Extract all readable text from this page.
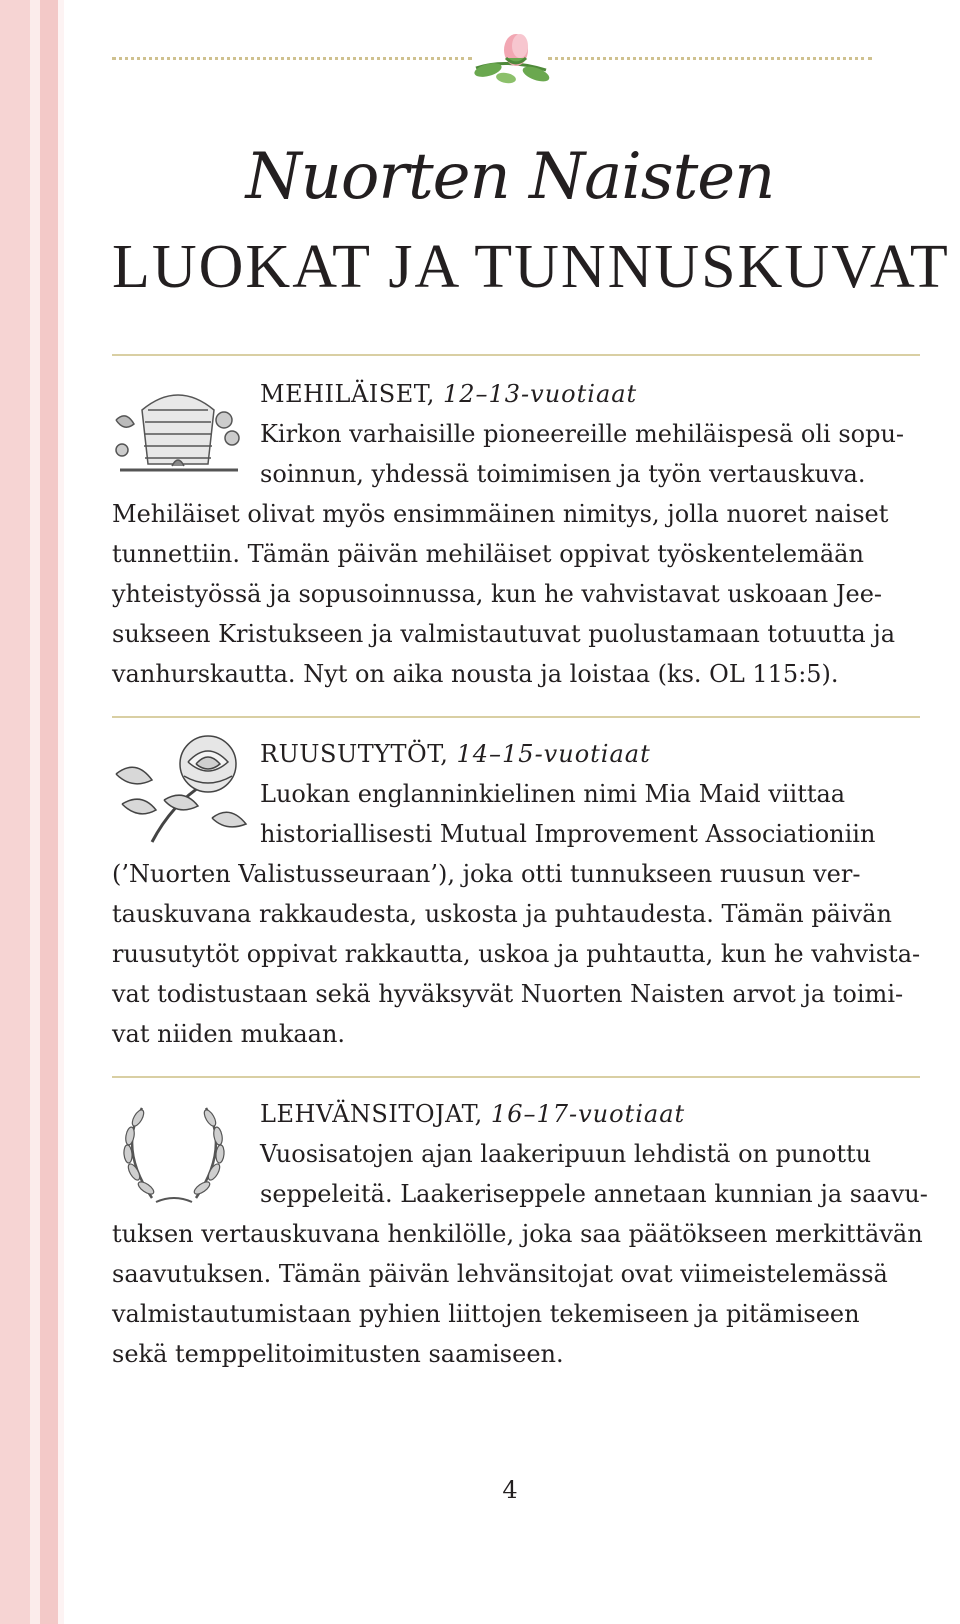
Nuorten Naisten
LUOKAT JA TUNNUSKUVAT
MEHILÄISET, 12–13-vuotiaat
Kirkon varhaisille pioneereille mehiläispesä oli sopu-
soinnun, yhdessä toimimisen ja työn vertauskuva.
Mehiläiset olivat myös ensimmäinen nimitys, jolla nuoret naiset
tunnettiin. Tämän päivän mehiläiset oppivat työskentelemään
yhteistyössä ja sopusoinnussa, kun he vahvistavat uskoaan Jee-
sukseen Kristukseen ja valmistautuvat puolustamaan totuutta ja
vanhurskautta. Nyt on aika nousta ja loistaa (ks. OL 115:5).
RUUSUTYTÖT, 14–15-vuotiaat
Luokan englanninkielinen nimi Mia Maid viittaa
historiallisesti Mutual Improvement Associationiin
(’Nuorten Valistusseuraan’), joka otti tunnukseen ruusun ver-
tauskuvana rakkaudesta, uskosta ja puhtaudesta. Tämän päivän
ruusutytöt oppivat rakkautta, uskoa ja puhtautta, kun he vahvista-
vat todistustaan sekä hyväksyvät Nuorten Naisten arvot ja toimi-
vat niiden mukaan.
LEHVÄNSITOJAT, 16–17-vuotiaat
Vuosisatojen ajan laakeripuun lehdistä on punottu
seppeleitä. Laakeriseppele annetaan kunnian ja saavu-
tuksen vertauskuvana henkilölle, joka saa päätökseen merkittävän
saavutuksen. Tämän päivän lehvänsitojat ovat viimeistelemässä
valmistautumistaan pyhien liittojen tekemiseen ja pitämiseen
sekä temppelitoimitusten saamiseen.
4
